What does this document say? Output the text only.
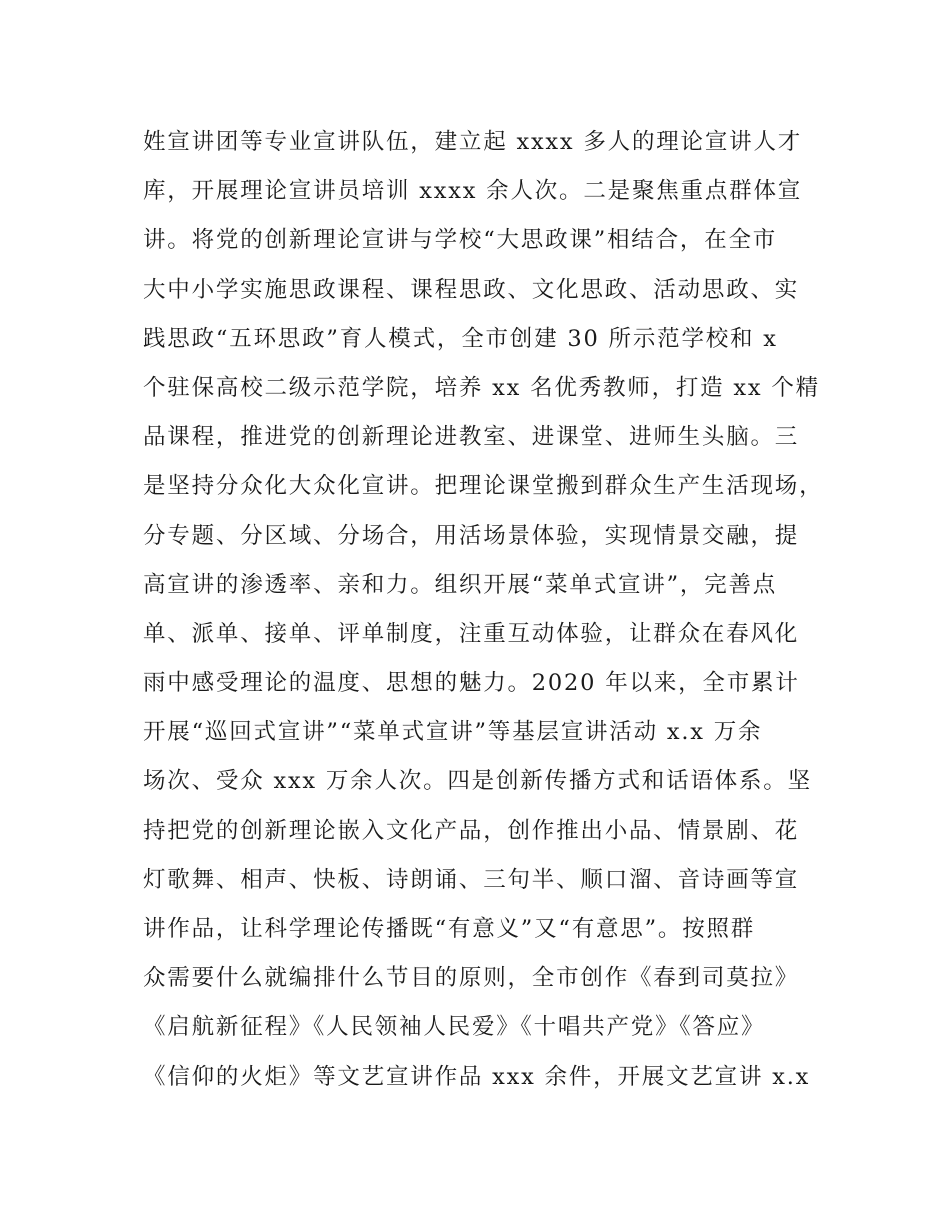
姓宣讲团等专业宣讲队伍，建立起 xxxx 多人的理论宣讲人才
库，开展理论宣讲员培训 xxxx 余人次。二是聚焦重点群体宣
讲。将党的创新理论宣讲与学校“大思政课”相结合，在全市
大中小学实施思政课程、课程思政、文化思政、活动思政、实
践思政“五环思政”育人模式，全市创建 30 所示范学校和 x
个驻保高校二级示范学院，培养 xx 名优秀教师，打造 xx 个精
品课程，推进党的创新理论进教室、进课堂、进师生头脑。三
是坚持分众化大众化宣讲。把理论课堂搬到群众生产生活现场，
分专题、分区域、分场合，用活场景体验，实现情景交融，提
高宣讲的渗透率、亲和力。组织开展“菜单式宣讲”，完善点
单、派单、接单、评单制度，注重互动体验，让群众在春风化
雨中感受理论的温度、思想的魅力。2020 年以来，全市累计
开展“巡回式宣讲”“菜单式宣讲”等基层宣讲活动 x.x 万余
场次、受众 xxx 万余人次。四是创新传播方式和话语体系。坚
持把党的创新理论嵌入文化产品，创作推出小品、情景剧、花
灯歌舞、相声、快板、诗朗诵、三句半、顺口溜、音诗画等宣
讲作品，让科学理论传播既“有意义”又“有意思”。按照群
众需要什么就编排什么节目的原则，全市创作《春到司莫拉》
《启航新征程》《人民领袖人民爱》《十唱共产党》《答应》
《信仰的火炬》等文艺宣讲作品 xxx 余件，开展文艺宣讲 x.x
